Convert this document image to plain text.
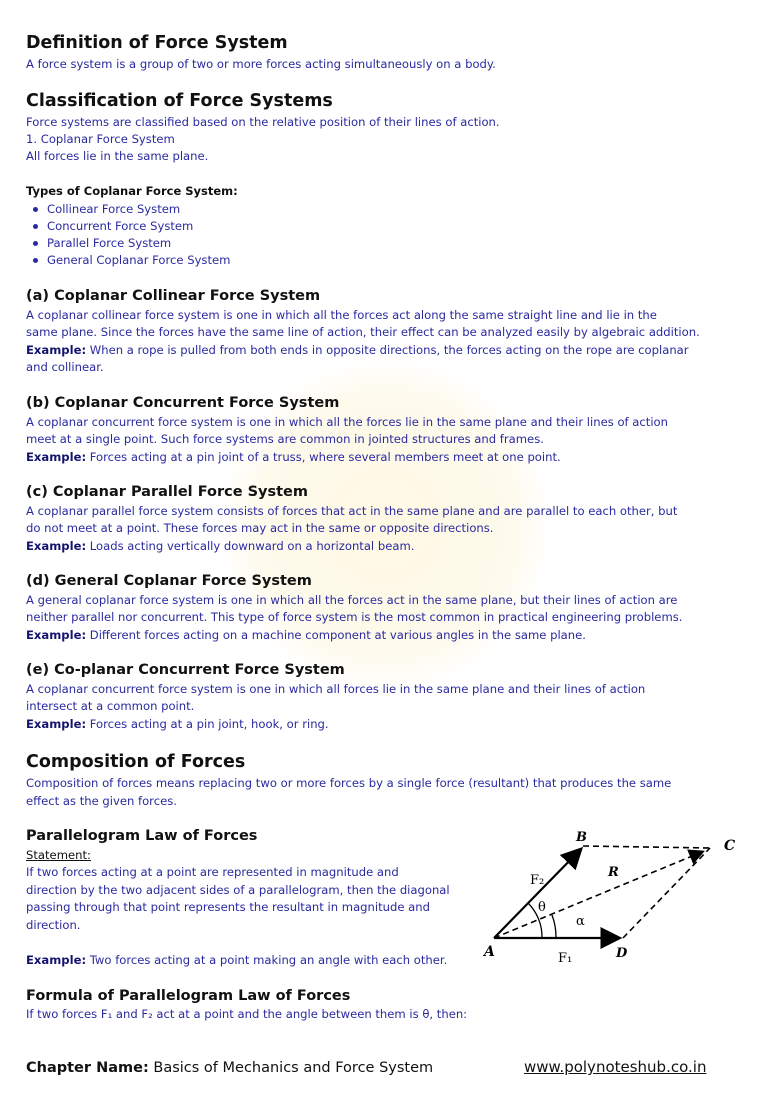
Definition of Force System
A force system is a group of two or more forces acting simultaneously on a body.
Classification of Force Systems
Force systems are classified based on the relative position of their lines of action.
1. Coplanar Force System
All forces lie in the same plane.
Types of Coplanar Force System:
Collinear Force System
Concurrent Force System
Parallel Force System
General Coplanar Force System
(a) Coplanar Collinear Force System
A coplanar collinear force system is one in which all the forces act along the same straight line and lie in the
same plane. Since the forces have the same line of action, their effect can be analyzed easily by algebraic addition.
Example: When a rope is pulled from both ends in opposite directions, the forces acting on the rope are coplanar
and collinear.
(b) Coplanar Concurrent Force System
A coplanar concurrent force system is one in which all the forces lie in the same plane and their lines of action
meet at a single point. Such force systems are common in jointed structures and frames.
Example: Forces acting at a pin joint of a truss, where several members meet at one point.
(c) Coplanar Parallel Force System
A coplanar parallel force system consists of forces that act in the same plane and are parallel to each other, but
do not meet at a point. These forces may act in the same or opposite directions.
Example: Loads acting vertically downward on a horizontal beam.
(d) General Coplanar Force System
A general coplanar force system is one in which all the forces act in the same plane, but their lines of action are
neither parallel nor concurrent. This type of force system is the most common in practical engineering problems.
Example: Different forces acting on a machine component at various angles in the same plane.
(e) Co-planar Concurrent Force System
A coplanar concurrent force system is one in which all forces lie in the same plane and their lines of action
intersect at a common point.
Example: Forces acting at a pin joint, hook, or ring.
Composition of Forces
Composition of forces means replacing two or more forces by a single force (resultant) that produces the same
effect as the given forces.
Parallelogram Law of Forces
Statement:
If two forces acting at a point are represented in magnitude and
direction by the two adjacent sides of a parallelogram, then the diagonal
passing through that point represents the resultant in magnitude and
direction.
Example: Two forces acting at a point making an angle with each other.	A
B
C
D
R
θ
α
F₁
F₂
Formula of Parallelogram Law of Forces
If two forces F₁ and F₂ act at a point and the angle between them is θ, then:
Chapter Name: Basics of Mechanics and Force System	www.polynoteshub.co.in
